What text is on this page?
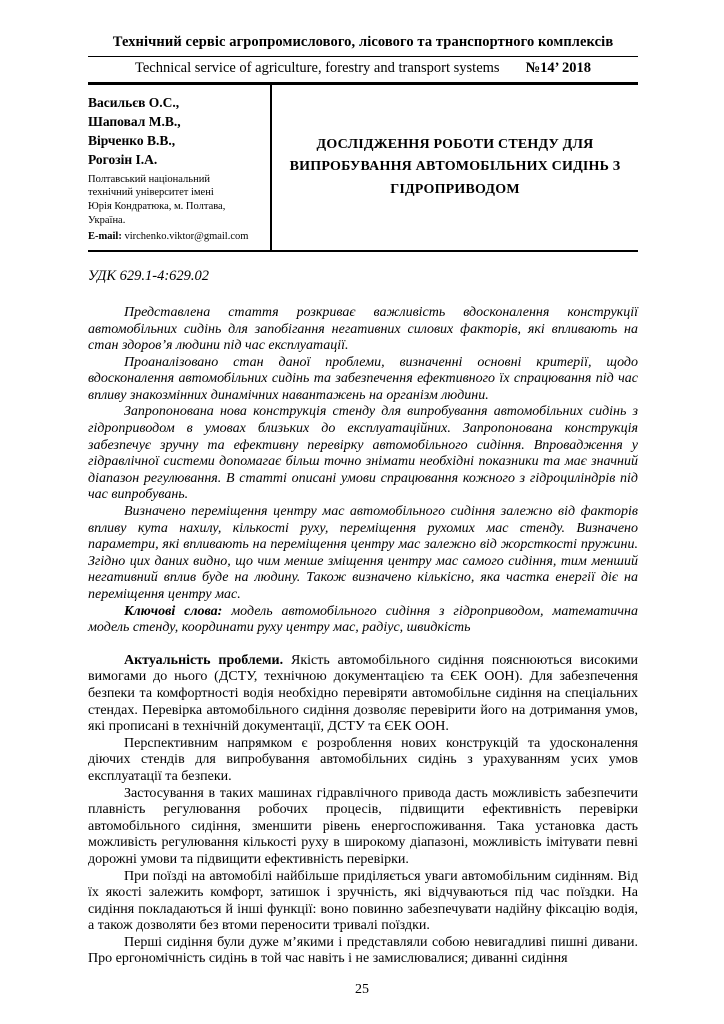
Технічний сервіс агропромислового, лісового та транспортного комплексів
Technical service of agriculture, forestry and transport systems №14’ 2018
Васильєв О.С.,
Шаповал М.В.,
Вірченко В.В.,
Рогозін І.А.
Полтавський національний технічний університет імені Юрія Кондратюка, м. Полтава, Україна.
E-mail: virchenko.viktor@gmail.com
ДОСЛІДЖЕННЯ РОБОТИ СТЕНДУ ДЛЯ ВИПРОБУВАННЯ АВТОМОБІЛЬНИХ СИДІНЬ З ГІДРОПРИВОДОМ
УДК 629.1-4:629.02

Представлена стаття розкриває важливість вдосконалення конструкції автомобільних сидінь для запобігання негативних силових факторів, які впливають на стан здоров’я людини під час експлуатації.

Проаналізовано стан даної проблеми, визначенні основні критерії, щодо вдосконалення автомобільних сидінь та забезпечення ефективного їх спрацювання під час впливу знакозмінних динамічних навантажень на організм людини.

Запропонована нова конструкція стенду для випробування автомобільних сидінь з гідроприводом в умовах близьких до експлуатаційних. Запропонована конструкція забезпечує зручну та ефективну перевірку автомобільного сидіння. Впровадження у гідравлічної системи допомагає більш точно знімати необхідні показники та має значний діапазон регулювання. В статті описані умови спрацювання кожного з гідроциліндрів під час випробувань.

Визначено переміщення центру мас автомобільного сидіння залежно від факторів впливу кута нахилу, кількості руху, переміщення рухомих мас стенду. Визначено параметри, які впливають на переміщення центру мас залежно від жорсткості пружини. Згідно цих даних видно, що чим менше зміщення центру мас самого сидіння, тим менший негативний вплив буде на людину. Також визначено кількісно, яка частка енергії діє на переміщення центру мас.

Ключові слова: модель автомобільного сидіння з гідроприводом, математична модель стенду, координати руху центру мас, радіус, швидкість

Актуальність проблеми. Якість автомобільного сидіння пояснюються високими вимогами до нього (ДСТУ, технічною документацією та ЄЕК ООН). Для забезпечення безпеки та комфортності водія необхідно перевіряти автомобільне сидіння на спеціальних стендах. Перевірка автомобільного сидіння дозволяє перевірити його на дотримання умов, які прописані в технічній документації, ДСТУ та ЄЕК ООН.

Перспективним напрямком є розроблення нових конструкцій та удосконалення діючих стендів для випробування автомобільних сидінь з урахуванням усих умов експлуатації та безпеки.

Застосування в таких машинах гідравлічного привода дасть можливість забезпечити плавність регулювання робочих процесів, підвищити ефективність перевірки автомобільного сидіння, зменшити рівень енергоспоживання. Така установка дасть можливість регулювання кількості руху в широкому діапазоні, можливість імітувати певні дорожні умови та підвищити ефективність перевірки.

При поїзді на автомобілі найбільше приділяється уваги автомобільним сидінням. Від їх якості залежить комфорт, затишок і зручність, які відчуваються під час поїздки. На сидіння покладаються й інші функції: воно повинно забезпечувати надійну фіксацію водія, а також дозволяти без втоми переносити тривалі поїздки.

Перші сидіння були дуже м’якими і представляли собою невигадливі пишні дивани. Про ергономічність сидінь в той час навіть і не замислювалися; диванні сидіння

25
